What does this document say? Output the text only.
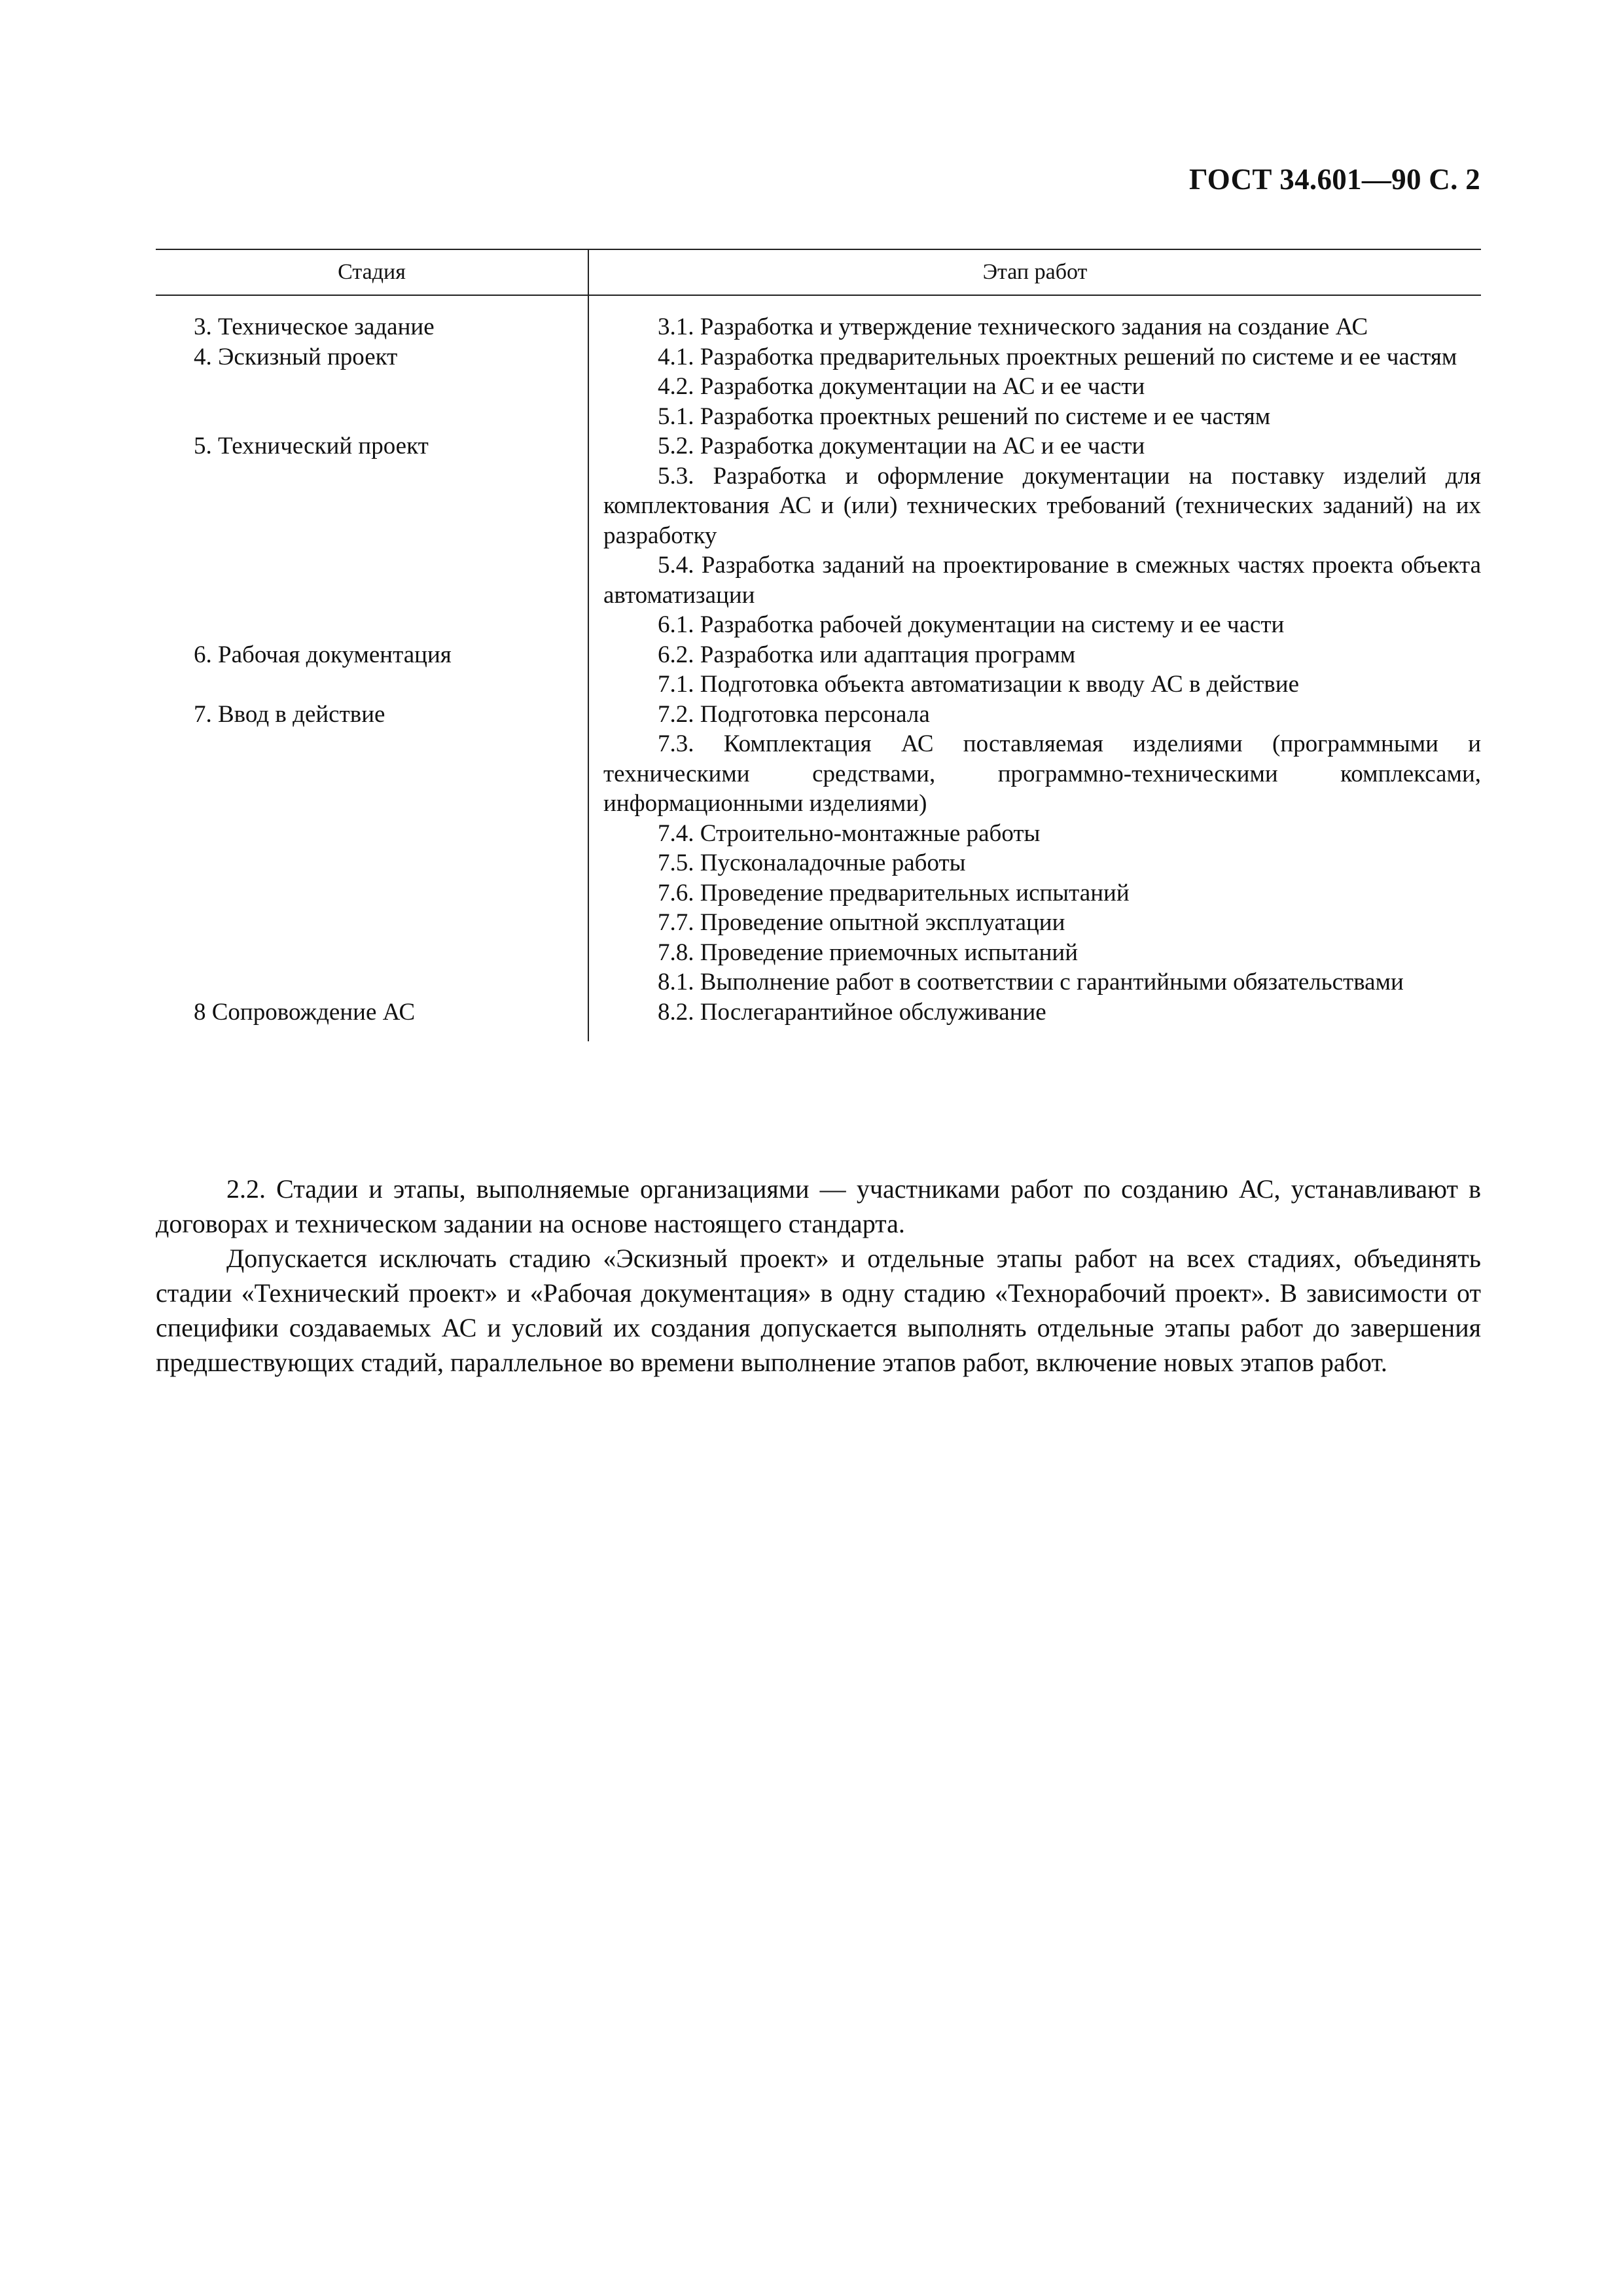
ГОСТ 34.601—90 С. 2
Стадия	Этап работ
3. Техническое задание
4. Эскизный проект
5. Технический проект
6. Рабочая документация
7. Ввод в действие
8 Сопровождение АС
3.1. Разработка и утверждение технического задания на создание АС
4.1. Разработка предварительных проектных решений по системе и ее частям
4.2. Разработка документации на АС и ее части
5.1. Разработка проектных решений по системе и ее частям
5.2. Разработка документации на АС и ее части
5.3. Разработка и оформление документации на поставку изделий для комплектования АС и (или) технических требований (технических заданий) на их разработку
5.4. Разработка заданий на проектирование в смежных частях проекта объекта автоматизации
6.1. Разработка рабочей документации на систему и ее части
6.2. Разработка или адаптация программ
7.1. Подготовка объекта автоматизации к вводу АС в действие
7.2. Подготовка персонала
7.3. Комплектация АС поставляемая изделиями (программными и техническими средствами, программно-техническими комплексами, информационными изделиями)
7.4. Строительно-монтажные работы
7.5. Пусконаладочные работы
7.6. Проведение предварительных испытаний
7.7. Проведение опытной эксплуатации
7.8. Проведение приемочных испытаний
8.1. Выполнение работ в соответствии с гарантийными обязательствами
8.2. Послегарантийное обслуживание

2.2. Стадии и этапы, выполняемые организациями — участниками работ по созданию АС, устанавливают в договорах и техническом задании на основе настоящего стандарта.

Допускается исключать стадию «Эскизный проект» и отдельные этапы работ на всех стадиях, объединять стадии «Технический проект» и «Рабочая документация» в одну стадию «Технорабочий проект». В зависимости от специфики создаваемых АС и условий их создания допускается выполнять отдельные этапы работ до завершения предшествующих стадий, параллельное во времени выполнение этапов работ, включение новых этапов работ.
